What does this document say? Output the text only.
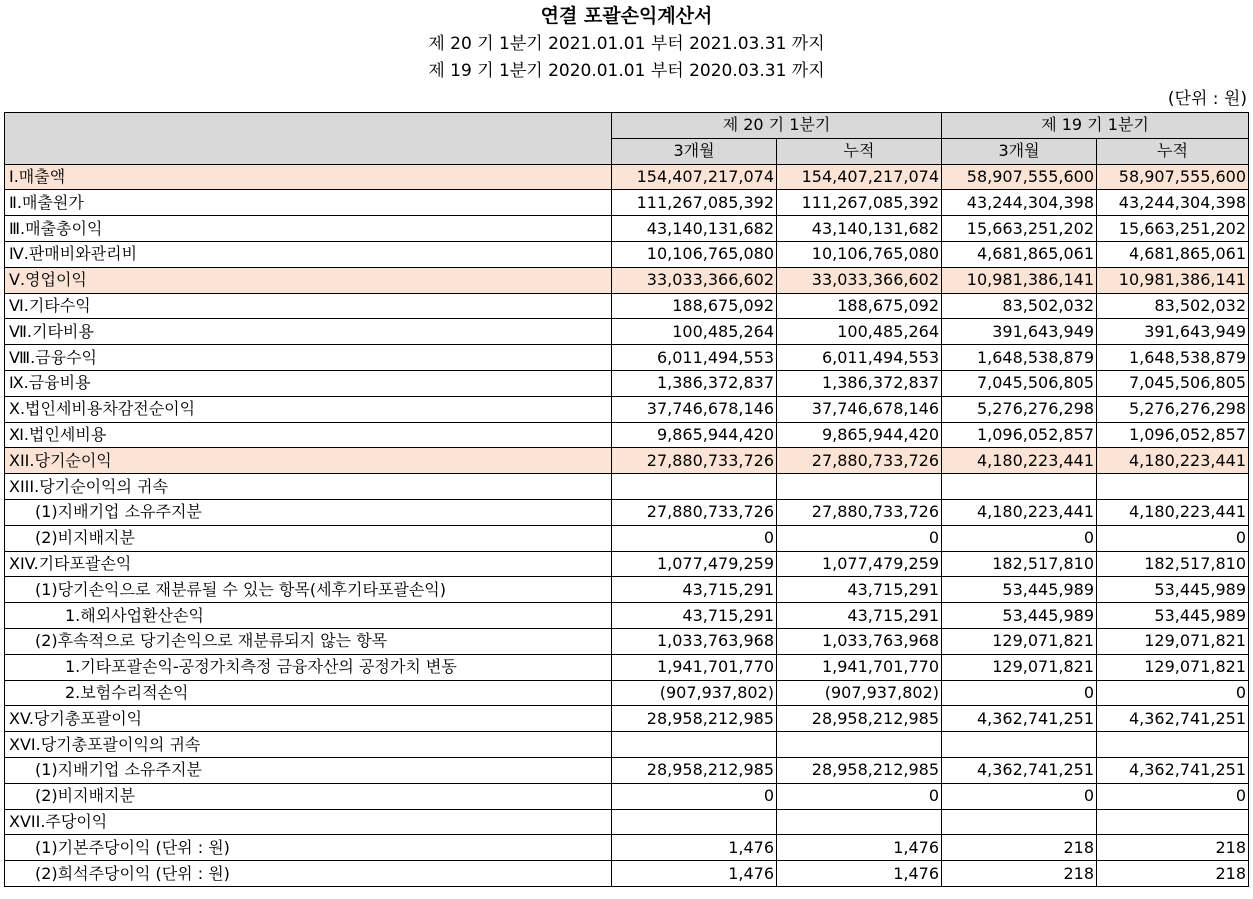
연결 포괄손익계산서
제 20 기 1분기 2021.01.01 부터 2021.03.31 까지
제 19 기 1분기 2020.01.01 부터 2020.03.31 까지
(단위 : 원)
	제 20 기 1분기		제 19 기 1분기	
	3개월	누적	3개월	누적
Ⅰ.매출액	154,407,217,074	154,407,217,074	58,907,555,600	58,907,555,600
Ⅱ.매출원가	111,267,085,392	111,267,085,392	43,244,304,398	43,244,304,398
Ⅲ.매출총이익	43,140,131,682	43,140,131,682	15,663,251,202	15,663,251,202
Ⅳ.판매비와관리비	10,106,765,080	10,106,765,080	4,681,865,061	4,681,865,061
Ⅴ.영업이익	33,033,366,602	33,033,366,602	10,981,386,141	10,981,386,141
Ⅵ.기타수익	188,675,092	188,675,092	83,502,032	83,502,032
Ⅶ.기타비용	100,485,264	100,485,264	391,643,949	391,643,949
Ⅷ.금융수익	6,011,494,553	6,011,494,553	1,648,538,879	1,648,538,879
Ⅸ.금융비용	1,386,372,837	1,386,372,837	7,045,506,805	7,045,506,805
Ⅹ.법인세비용차감전순이익	37,746,678,146	37,746,678,146	5,276,276,298	5,276,276,298
Ⅺ.법인세비용	9,865,944,420	9,865,944,420	1,096,052,857	1,096,052,857
XII.당기순이익	27,880,733,726	27,880,733,726	4,180,223,441	4,180,223,441
XIII.당기순이익의 귀속				
(1)지배기업 소유주지분	27,880,733,726	27,880,733,726	4,180,223,441	4,180,223,441
(2)비지배지분	0	0	0	0
XIV.기타포괄손익	1,077,479,259	1,077,479,259	182,517,810	182,517,810
(1)당기손익으로 재분류될 수 있는 항목(세후기타포괄손익)	43,715,291	43,715,291	53,445,989	53,445,989
1.해외사업환산손익	43,715,291	43,715,291	53,445,989	53,445,989
(2)후속적으로 당기손익으로 재분류되지 않는 항목	1,033,763,968	1,033,763,968	129,071,821	129,071,821
1.기타포괄손익-공정가치측정 금융자산의 공정가치 변동	1,941,701,770	1,941,701,770	129,071,821	129,071,821
2.보험수리적손익	(907,937,802)	(907,937,802)	0	0
XV.당기총포괄이익	28,958,212,985	28,958,212,985	4,362,741,251	4,362,741,251
XVI.당기총포괄이익의 귀속				
(1)지배기업 소유주지분	28,958,212,985	28,958,212,985	4,362,741,251	4,362,741,251
(2)비지배지분	0	0	0	0
XVII.주당이익				
(1)기본주당이익 (단위 : 원)	1,476	1,476	218	218
(2)희석주당이익 (단위 : 원)	1,476	1,476	218	218
